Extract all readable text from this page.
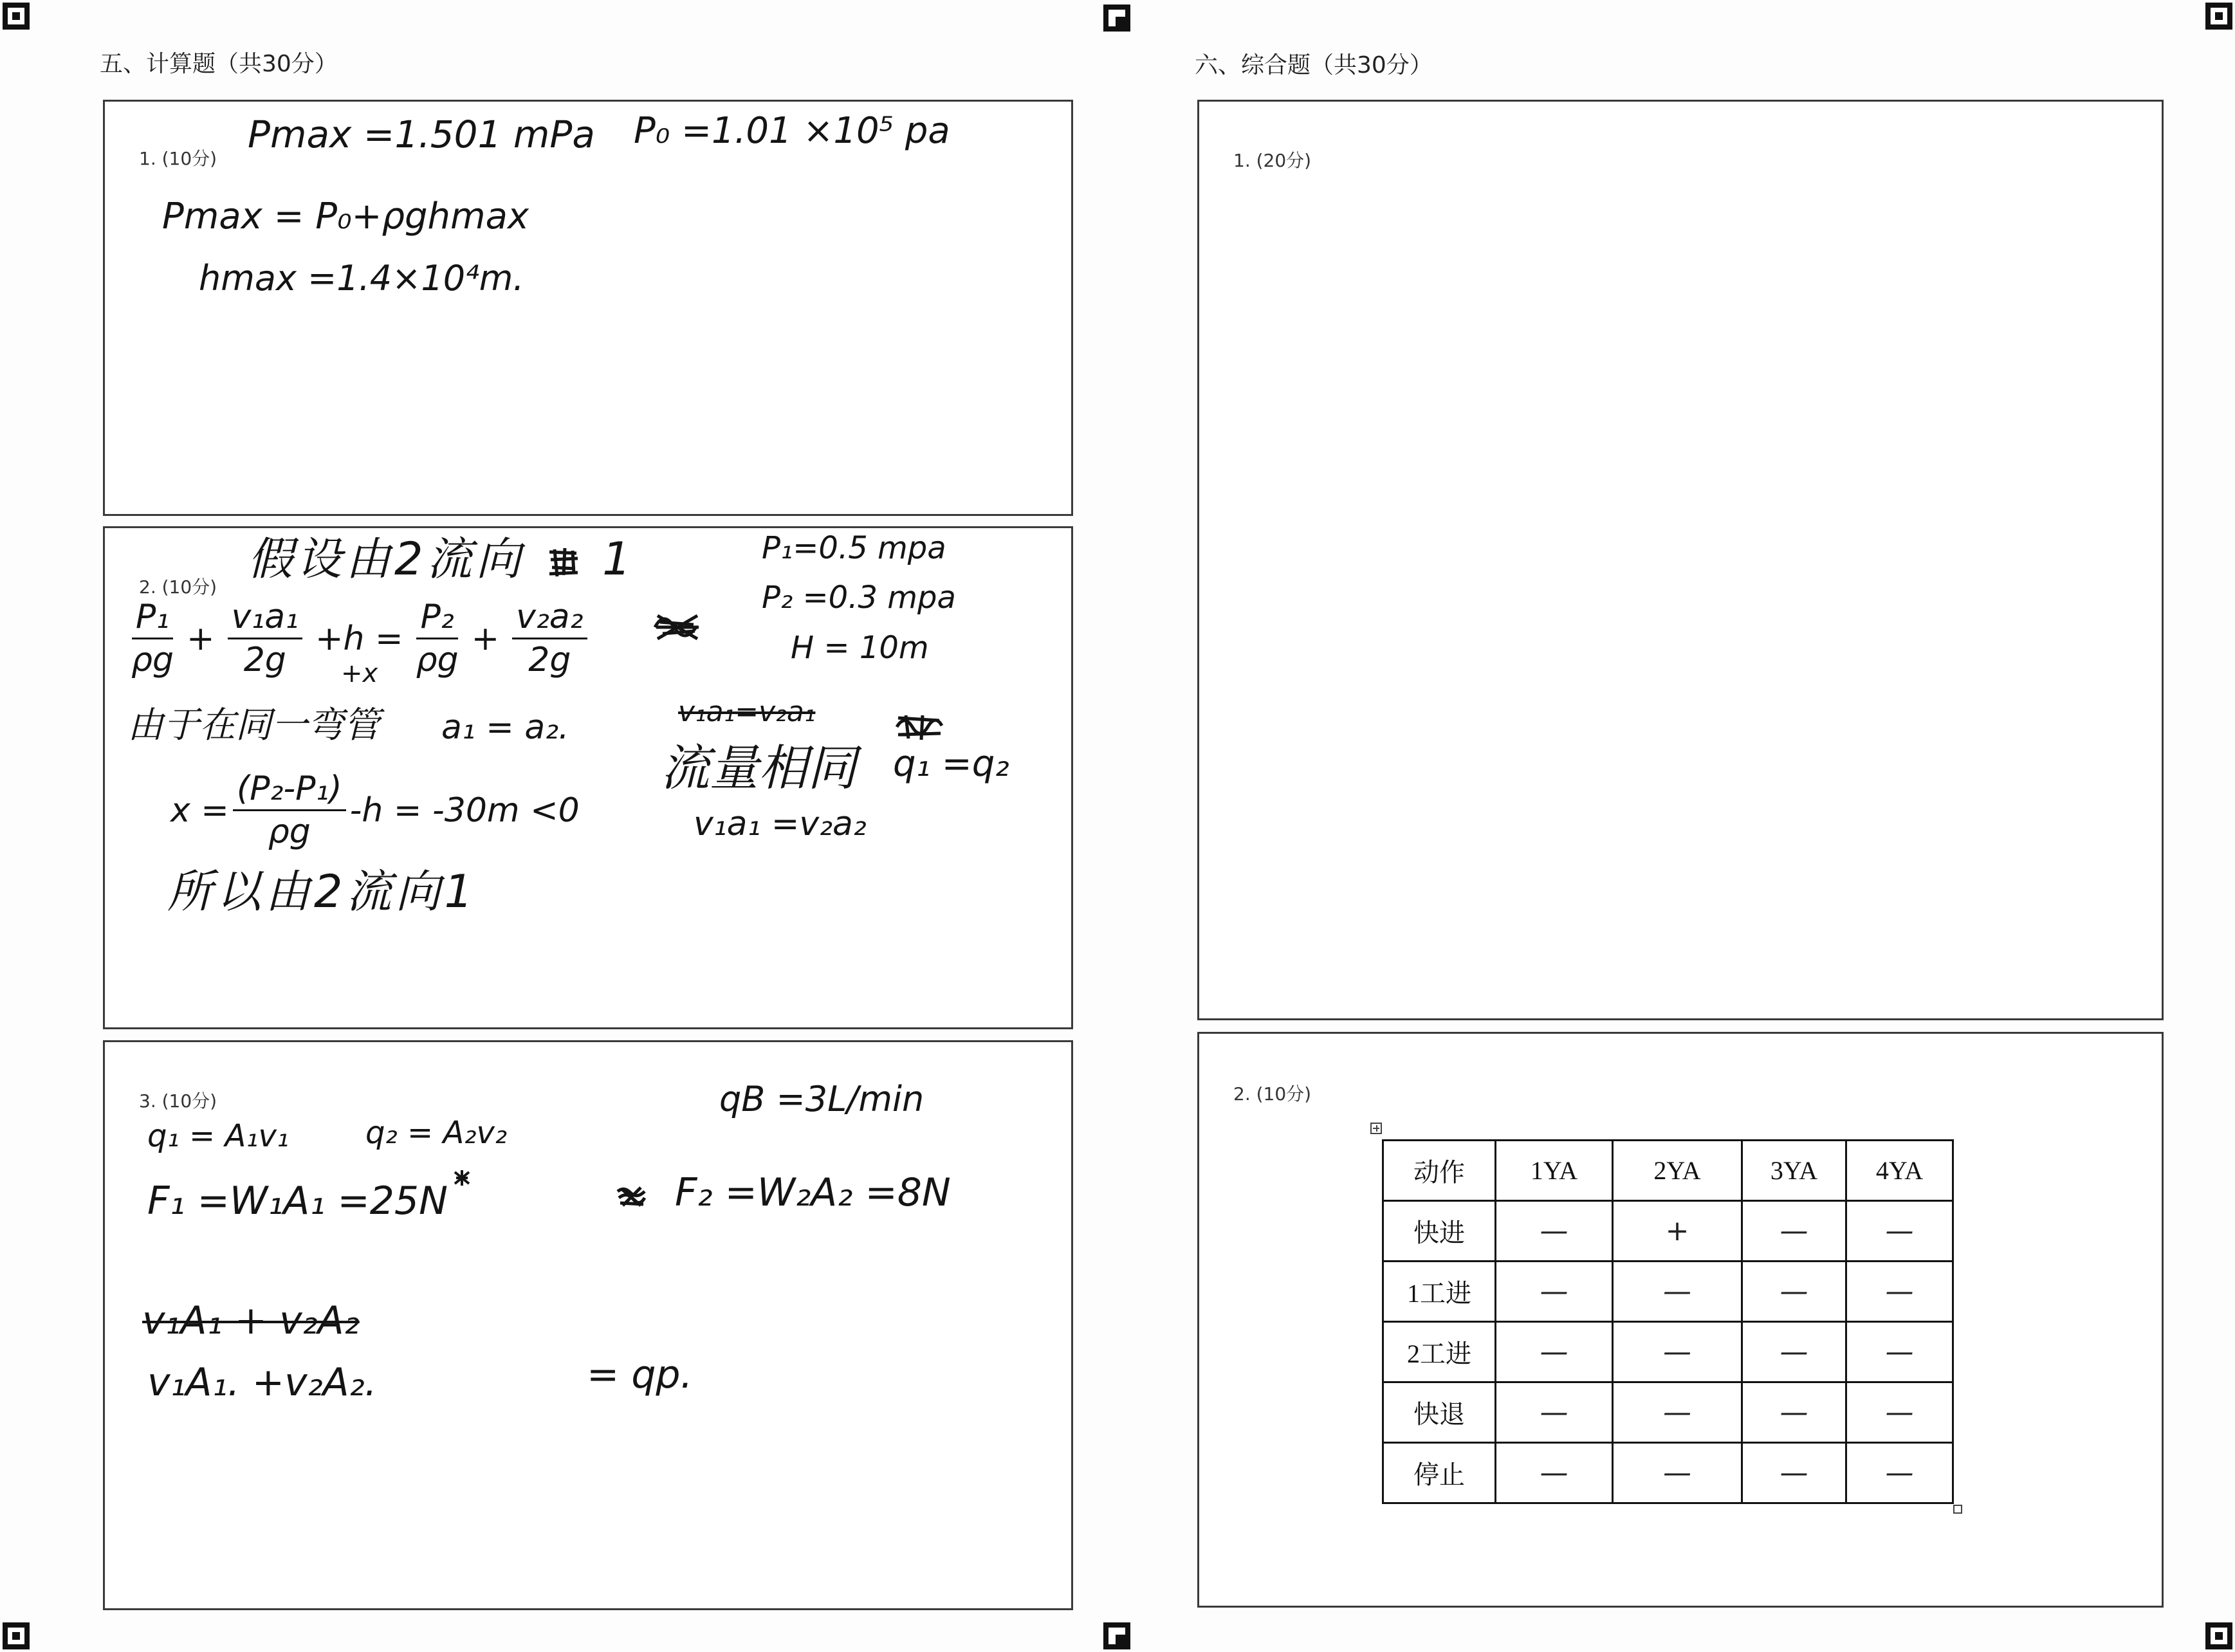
五、计算题（共30分）	六、综合题（共30分）
1. (10分)
Pmax =1.501 mPa P₀ =1.01 ×10⁵ pa
Pmax = P₀+ρghmax
hmax =1.4×10⁴m.
2. (10分)
假设由2流向 1	P₁=0.5 mpa
P₂ =0.3 mpa
H = 10m
$\frac{\text{P₁}}{\rho g} + \frac{\text{v₁a₁}}{2g} +h$ =
$+x \frac{\text{P₂}}{\rho g} + \frac{\text{v₂a₂}}{2g}$
由于在同一弯管 a₁ = a₂.	v₁a₁=v₂a₁
流量相同 q₁ =q₂
v₁a₁ =v₂a₂
$x = \frac{\text{(P₂-P₁)}}{\rho g} -h = -30m <0$
所以由2流向1
3. (10分)	qB =3L/min
q₁ = A₁v₁ q₂ = A₂v₂
F₁ =W₁A₁ =25N	F₂ =W₂A₂ =8N
v₁A₁ + v₂A₂
v₁A₁. +v₂A₂.	= qp.
1. (20分)
2. (10分)
动作	1YA	2YA	3YA	4YA
快进	—	+	—	—
1工进	—	—	—	—
2工进	—	—	—	—
快退	—	—	—	—
停止	—	—	—	—
